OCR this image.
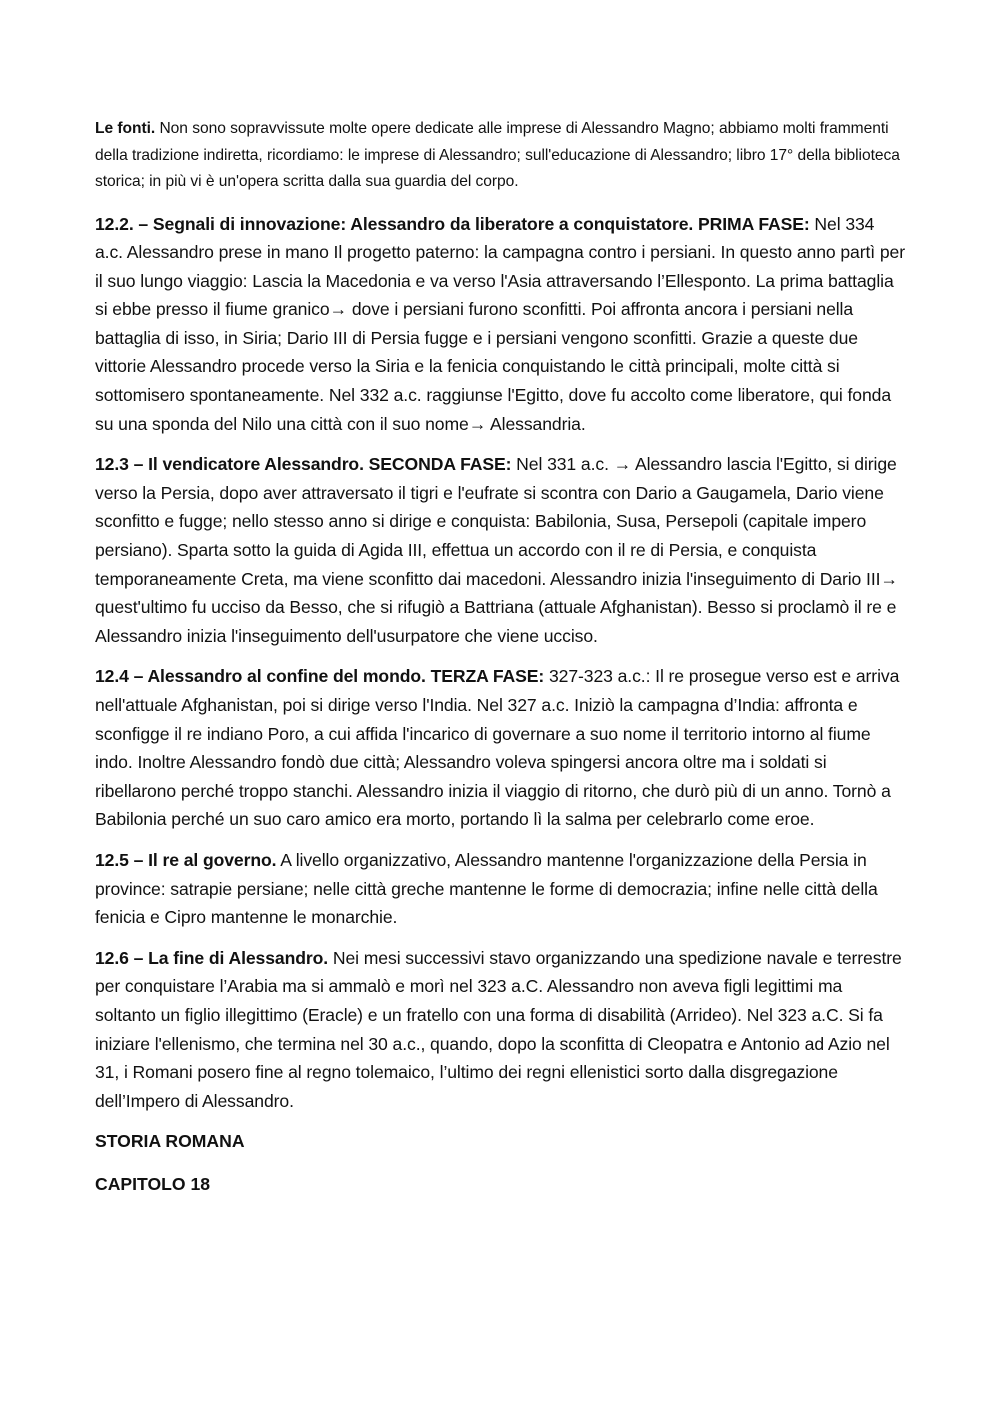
Le fonti. Non sono sopravvissute molte opere dedicate alle imprese di Alessandro Magno; abbiamo molti frammenti della tradizione indiretta, ricordiamo: le imprese di Alessandro; sull'educazione di Alessandro; libro 17° della biblioteca storica; in più vi è un'opera scritta dalla sua guardia del corpo.

12.2. – Segnali di innovazione: Alessandro da liberatore a conquistatore. PRIMA FASE: Nel 334 a.c. Alessandro prese in mano Il progetto paterno: la campagna contro i persiani. In questo anno partì per il suo lungo viaggio: Lascia la Macedonia e va verso l'Asia attraversando l’Ellesponto. La prima battaglia si ebbe presso il fiume granico→ dove i persiani furono sconfitti. Poi affronta ancora i persiani nella battaglia di isso, in Siria; Dario III di Persia fugge e i persiani vengono sconfitti. Grazie a queste due vittorie Alessandro procede verso la Siria e la fenicia conquistando le città principali, molte città si sottomisero spontaneamente. Nel 332 a.c. raggiunse l'Egitto, dove fu accolto come liberatore, qui fonda su una sponda del Nilo una città con il suo nome→ Alessandria.

12.3 – Il vendicatore Alessandro. SECONDA FASE: Nel 331 a.c. → Alessandro lascia l'Egitto, si dirige verso la Persia, dopo aver attraversato il tigri e l'eufrate si scontra con Dario a Gaugamela, Dario viene sconfitto e fugge; nello stesso anno si dirige e conquista: Babilonia, Susa, Persepoli (capitale impero persiano). Sparta sotto la guida di Agida III, effettua un accordo con il re di Persia, e conquista temporaneamente Creta, ma viene sconfitto dai macedoni. Alessandro inizia l'inseguimento di Dario III→ quest'ultimo fu ucciso da Besso, che si rifugiò a Battriana (attuale Afghanistan). Besso si proclamò il re e Alessandro inizia l'inseguimento dell'usurpatore che viene ucciso.

12.4 – Alessandro al confine del mondo. TERZA FASE: 327-323 a.c.: Il re prosegue verso est e arriva nell'attuale Afghanistan, poi si dirige verso l'India. Nel 327 a.c. Iniziò la campagna d’India: affronta e sconfigge il re indiano Poro, a cui affida l'incarico di governare a suo nome il territorio intorno al fiume indo. Inoltre Alessandro fondò due città; Alessandro voleva spingersi ancora oltre ma i soldati si ribellarono perché troppo stanchi. Alessandro inizia il viaggio di ritorno, che durò più di un anno. Tornò a Babilonia perché un suo caro amico era morto, portando lì la salma per celebrarlo come eroe.

12.5 – Il re al governo. A livello organizzativo, Alessandro mantenne l'organizzazione della Persia in province: satrapie persiane; nelle città greche mantenne le forme di democrazia; infine nelle città della fenicia e Cipro mantenne le monarchie.

12.6 – La fine di Alessandro. Nei mesi successivi stavo organizzando una spedizione navale e terrestre per conquistare l’Arabia ma si ammalò e morì nel 323 a.C. Alessandro non aveva figli legittimi ma soltanto un figlio illegittimo (Eracle) e un fratello con una forma di disabilità (Arrideo). Nel 323 a.C. Si fa iniziare l'ellenismo, che termina nel 30 a.c., quando, dopo la sconfitta di Cleopatra e Antonio ad Azio nel 31, i Romani posero fine al regno tolemaico, l’ultimo dei regni ellenistici sorto dalla disgregazione dell’Impero di Alessandro.

STORIA ROMANA

CAPITOLO 18
